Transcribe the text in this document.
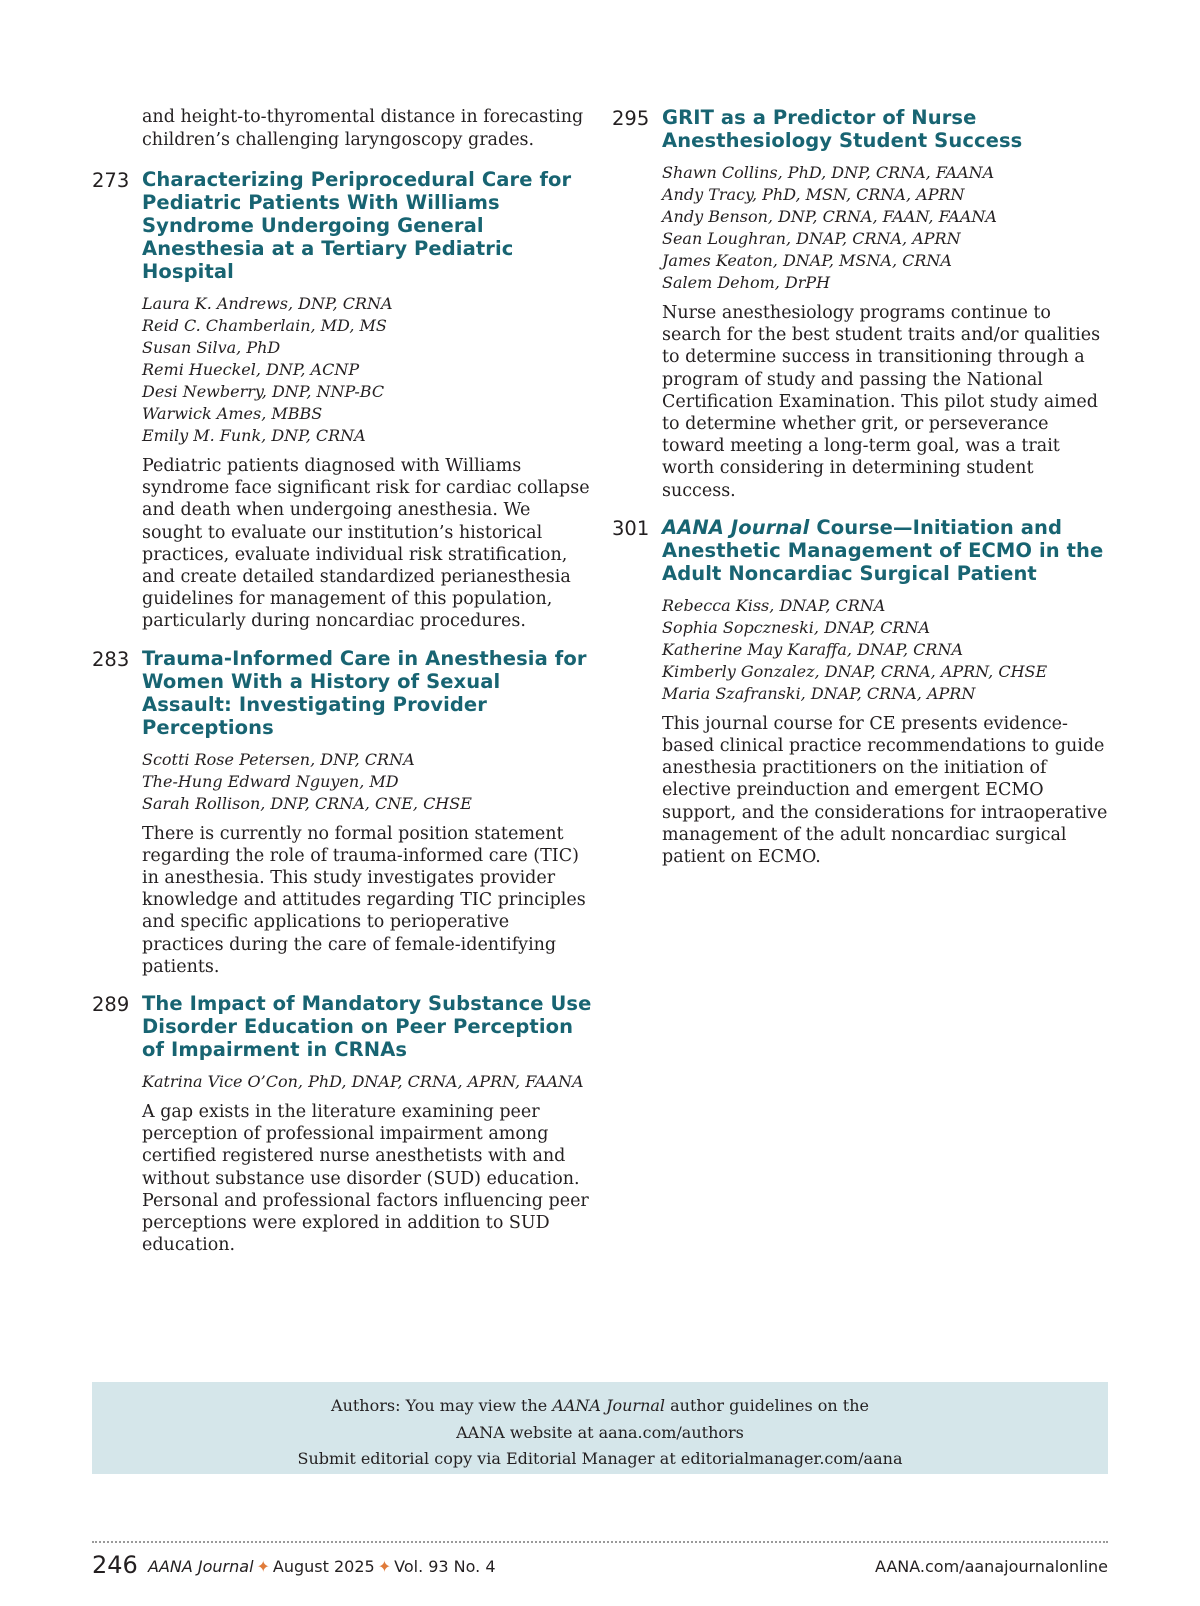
and height-to-thyromental distance in forecasting children’s challenging laryngoscopy grades.
273 Characterizing Periprocedural Care for Pediatric Patients With Williams Syndrome Undergoing General Anesthesia at a Tertiary Pediatric Hospital
Laura K. Andrews, DNP, CRNA
Reid C. Chamberlain, MD, MS
Susan Silva, PhD
Remi Hueckel, DNP, ACNP
Desi Newberry, DNP, NNP-BC
Warwick Ames, MBBS
Emily M. Funk, DNP, CRNA
Pediatric patients diagnosed with Williams syndrome face significant risk for cardiac collapse and death when undergoing anesthesia. We sought to evaluate our institution’s historical practices, evaluate individual risk stratification, and create detailed standardized perianesthesia guidelines for management of this population, particularly during noncardiac procedures.
283 Trauma-Informed Care in Anesthesia for Women With a History of Sexual Assault: Investigating Provider Perceptions
Scotti Rose Petersen, DNP, CRNA
The-Hung Edward Nguyen, MD
Sarah Rollison, DNP, CRNA, CNE, CHSE
There is currently no formal position statement regarding the role of trauma-informed care (TIC) in anesthesia. This study investigates provider knowledge and attitudes regarding TIC principles and specific applications to perioperative practices during the care of female-identifying patients.
289 The Impact of Mandatory Substance Use Disorder Education on Peer Perception of Impairment in CRNAs
Katrina Vice O’Con, PhD, DNAP, CRNA, APRN, FAANA
A gap exists in the literature examining peer perception of professional impairment among certified registered nurse anesthetists with and without substance use disorder (SUD) education. Personal and professional factors influencing peer perceptions were explored in addition to SUD education.
295 GRIT as a Predictor of Nurse Anesthesiology Student Success
Shawn Collins, PhD, DNP, CRNA, FAANA
Andy Tracy, PhD, MSN, CRNA, APRN
Andy Benson, DNP, CRNA, FAAN, FAANA
Sean Loughran, DNAP, CRNA, APRN
James Keaton, DNAP, MSNA, CRNA
Salem Dehom, DrPH
Nurse anesthesiology programs continue to search for the best student traits and/or qualities to determine success in transitioning through a program of study and passing the National Certification Examination. This pilot study aimed to determine whether grit, or perseverance toward meeting a long-term goal, was a trait worth considering in determining student success.
301 AANA Journal Course—Initiation and Anesthetic Management of ECMO in the Adult Noncardiac Surgical Patient
Rebecca Kiss, DNAP, CRNA
Sophia Sopczneski, DNAP, CRNA
Katherine May Karaffa, DNAP, CRNA
Kimberly Gonzalez, DNAP, CRNA, APRN, CHSE
Maria Szafranski, DNAP, CRNA, APRN
This journal course for CE presents evidence-based clinical practice recommendations to guide anesthesia practitioners on the initiation of elective preinduction and emergent ECMO support, and the considerations for intraoperative management of the adult noncardiac surgical patient on ECMO.
Authors: You may view the AANA Journal author guidelines on the
AANA website at aana.com/authors
Submit editorial copy via Editorial Manager at editorialmanager.com/aana
246 AANA Journal ✦ August 2025 ✦ Vol. 93 No. 4	AANA.com/aanajournalonline
